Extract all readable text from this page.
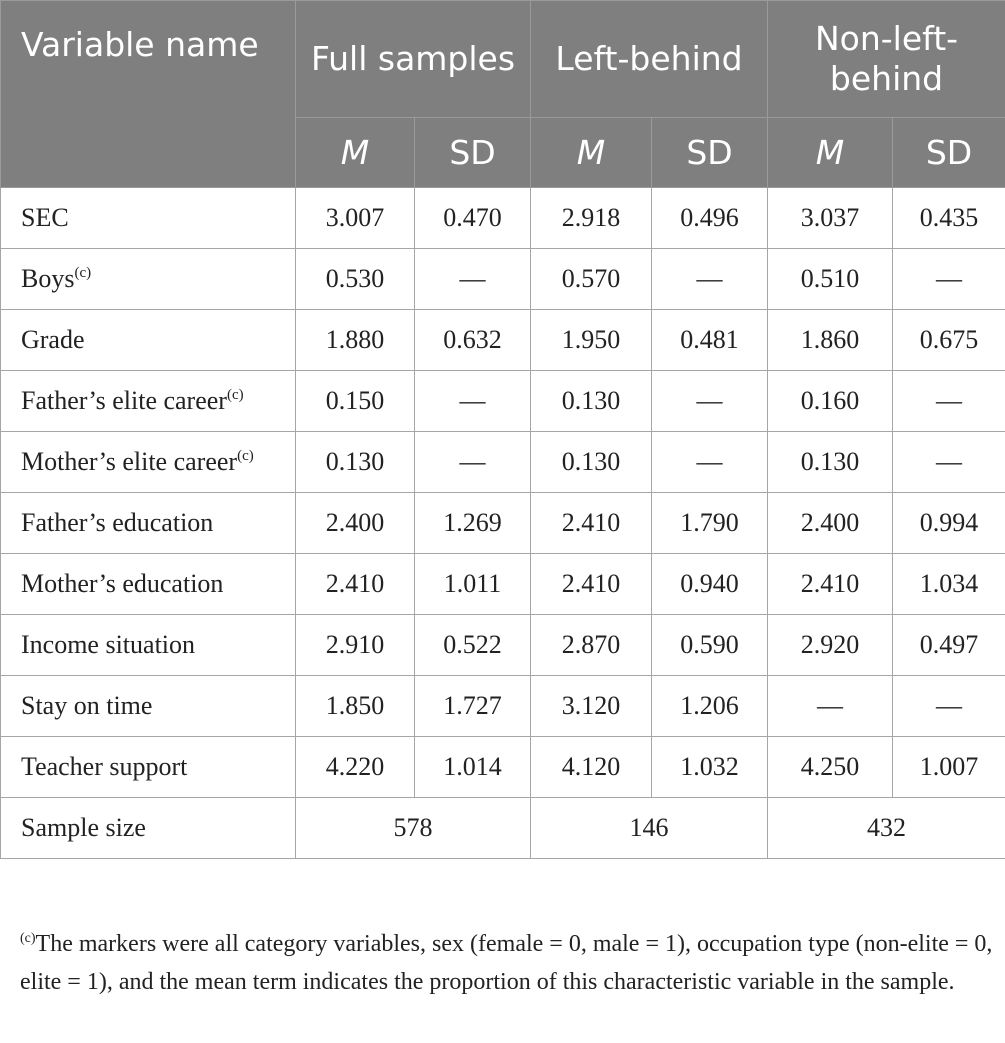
Variable name	Full samples		Left-behind		Non-left-behind	
	M	SD	M	SD	M	SD
SEC	3.007	0.470	2.918	0.496	3.037	0.435
Boys$^{(c)}$	0.530	—	0.570	—	0.510	—
Grade	1.880	0.632	1.950	0.481	1.860	0.675
Father’s elite career$^{(c)}$	0.150	—	0.130	—	0.160	—
Mother’s elite career$^{(c)}$	0.130	—	0.130	—	0.130	—
Father’s education	2.400	1.269	2.410	1.790	2.400	0.994
Mother’s education	2.410	1.011	2.410	0.940	2.410	1.034
Income situation	2.910	0.522	2.870	0.590	2.920	0.497
Stay on time	1.850	1.727	3.120	1.206	—	—
Teacher support	4.220	1.014	4.120	1.032	4.250	1.007
Sample size	578		146		432	
$^{(c)}$The markers were all category variables, sex (female = 0, male = 1), occupation type (non-elite = 0, elite = 1), and the mean term indicates the proportion of this characteristic variable in the sample.
